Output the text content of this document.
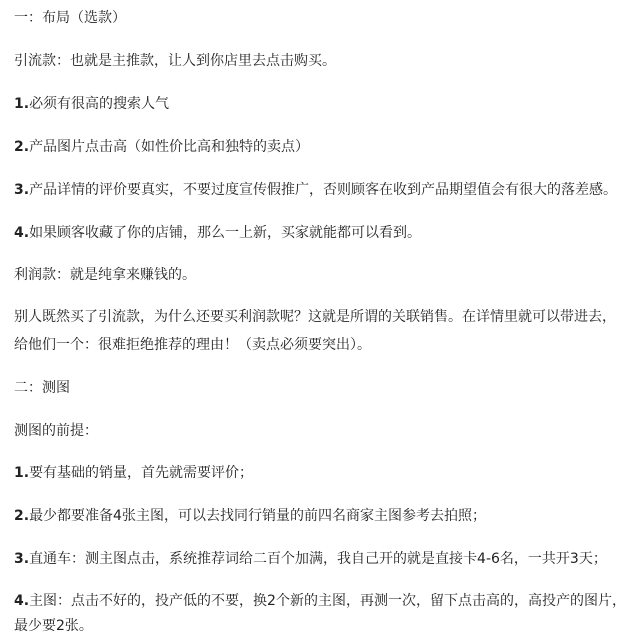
一：布局（选款）
引流款：也就是主推款，让人到你店里去点击购买。
1.必须有很高的搜索人气
2.产品图片点击高（如性价比高和独特的卖点）
3.产品详情的评价要真实，不要过度宣传假推广，否则顾客在收到产品期望值会有很大的落差感。
4.如果顾客收藏了你的店铺，那么一上新，买家就能都可以看到。
利润款：就是纯拿来赚钱的。
别人既然买了引流款，为什么还要买利润款呢？这就是所谓的关联销售。在详情里就可以带进去，
给他们一个：很难拒绝推荐的理由！（卖点必须要突出）。
二：测图
测图的前提：
1.要有基础的销量，首先就需要评价；
2.最少都要准备4张主图，可以去找同行销量的前四名商家主图参考去拍照；
3.直通车：测主图点击，系统推荐词给二百个加满，我自己开的就是直接卡4-6名，一共开3天；
4.主图：点击不好的，投产低的不要，换2个新的主图，再测一次，留下点击高的，高投产的图片，
最少要2张。
